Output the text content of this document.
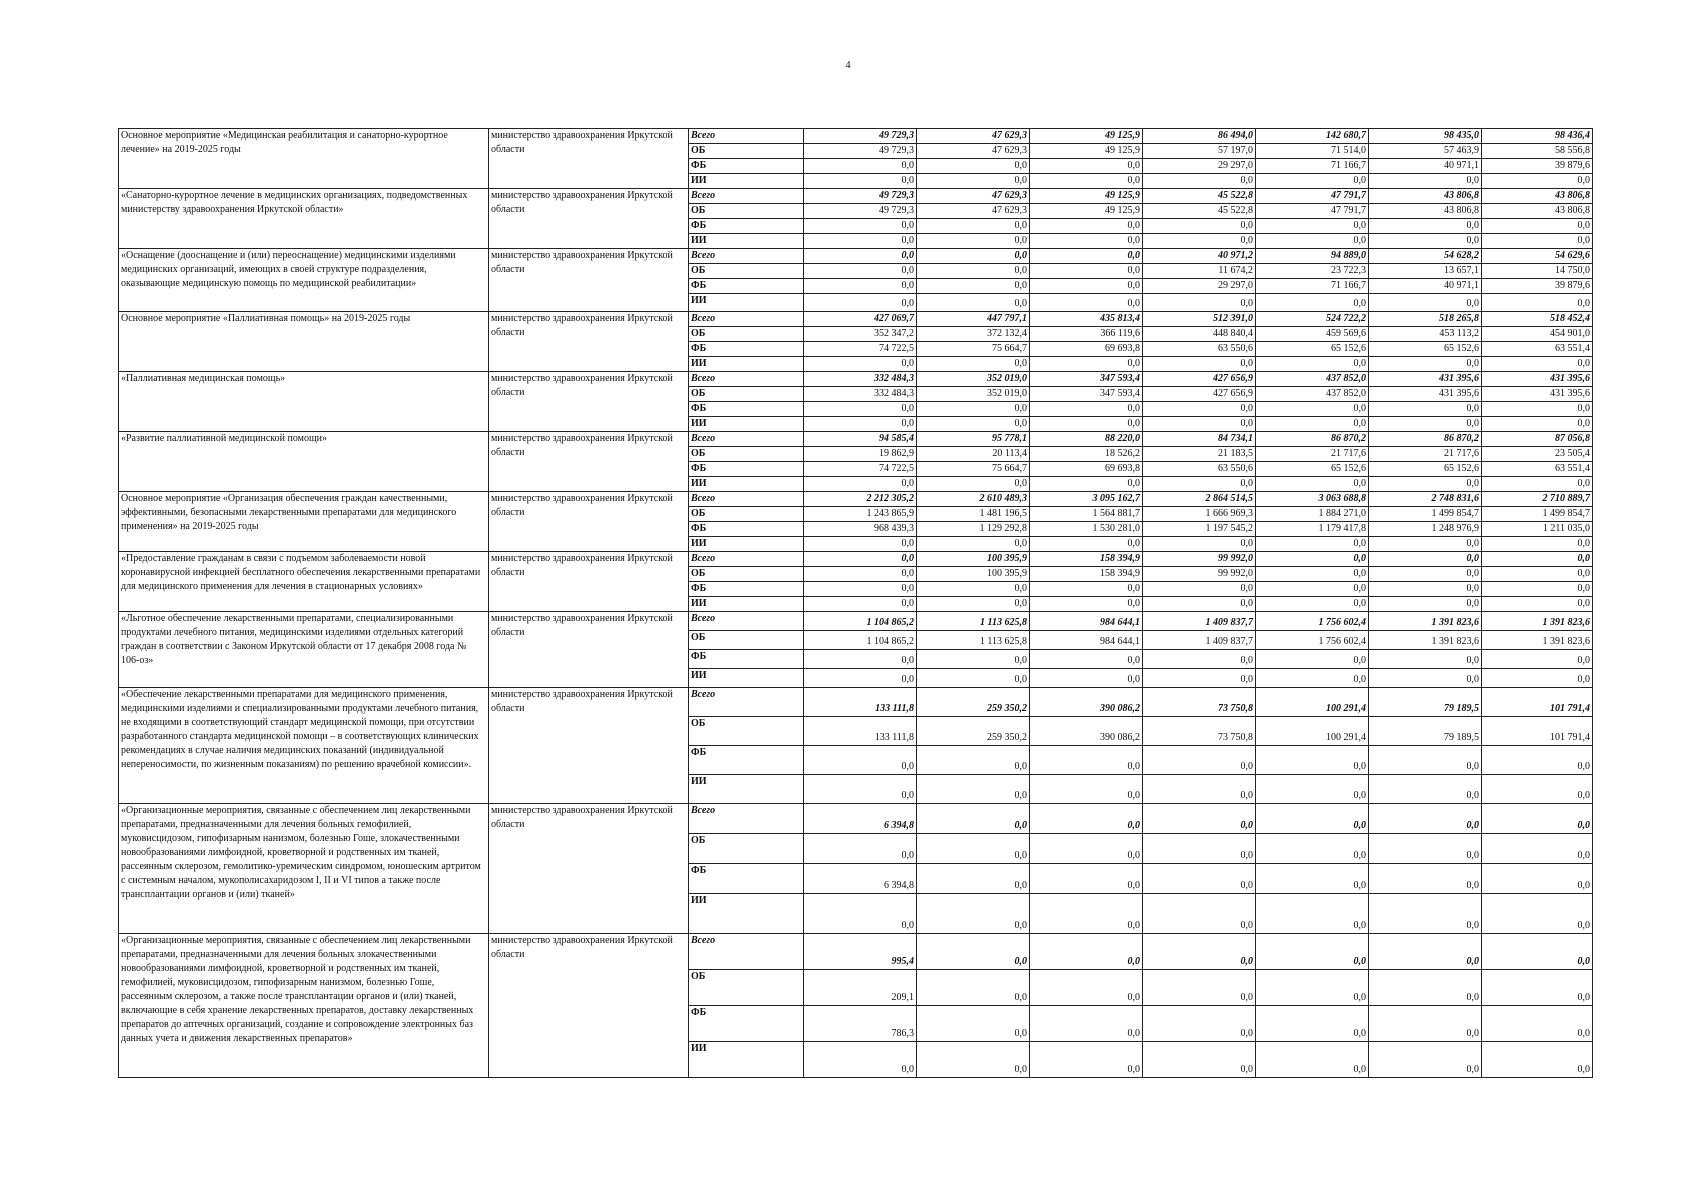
4
Основное мероприятие «Медицинская реабилитация и санаторно-курортное лечение» на 2019-2025 годы	министерство здравоохранения Иркутской области	Всего	49 729,3	47 629,3	49 125,9	86 494,0	142 680,7	98 435,0	98 436,4
		ОБ	49 729,3	47 629,3	49 125,9	57 197,0	71 514,0	57 463,9	58 556,8
		ФБ	0,0	0,0	0,0	29 297,0	71 166,7	40 971,1	39 879,6
		ИИ	0,0	0,0	0,0	0,0	0,0	0,0	0,0
«Санаторно-курортное лечение в медицинских организациях, подведомственных министерству здравоохранения Иркутской области»	министерство здравоохранения Иркутской области	Всего	49 729,3	47 629,3	49 125,9	45 522,8	47 791,7	43 806,8	43 806,8
		ОБ	49 729,3	47 629,3	49 125,9	45 522,8	47 791,7	43 806,8	43 806,8
		ФБ	0,0	0,0	0,0	0,0	0,0	0,0	0,0
		ИИ	0,0	0,0	0,0	0,0	0,0	0,0	0,0
«Оснащение (дооснащение и (или) переоснащение) медицинскими изделиями медицинских организаций, имеющих в своей структуре подразделения, оказывающие медицинскую помощь по медицинской реабилитации»	министерство здравоохранения Иркутской области	Всего	0,0	0,0	0,0	40 971,2	94 889,0	54 628,2	54 629,6
		ОБ	0,0	0,0	0,0	11 674,2	23 722,3	13 657,1	14 750,0
		ФБ	0,0	0,0	0,0	29 297,0	71 166,7	40 971,1	39 879,6
		ИИ	0,0	0,0	0,0	0,0	0,0	0,0	0,0
Основное мероприятие «Паллиативная помощь» на 2019-2025 годы	министерство здравоохранения Иркутской области	Всего	427 069,7	447 797,1	435 813,4	512 391,0	524 722,2	518 265,8	518 452,4
		ОБ	352 347,2	372 132,4	366 119,6	448 840,4	459 569,6	453 113,2	454 901,0
		ФБ	74 722,5	75 664,7	69 693,8	63 550,6	65 152,6	65 152,6	63 551,4
		ИИ	0,0	0,0	0,0	0,0	0,0	0,0	0,0
«Паллиативная медицинская помощь»	министерство здравоохранения Иркутской области	Всего	332 484,3	352 019,0	347 593,4	427 656,9	437 852,0	431 395,6	431 395,6
		ОБ	332 484,3	352 019,0	347 593,4	427 656,9	437 852,0	431 395,6	431 395,6
		ФБ	0,0	0,0	0,0	0,0	0,0	0,0	0,0
		ИИ	0,0	0,0	0,0	0,0	0,0	0,0	0,0
«Развитие паллиативной медицинской помощи»	министерство здравоохранения Иркутской области	Всего	94 585,4	95 778,1	88 220,0	84 734,1	86 870,2	86 870,2	87 056,8
		ОБ	19 862,9	20 113,4	18 526,2	21 183,5	21 717,6	21 717,6	23 505,4
		ФБ	74 722,5	75 664,7	69 693,8	63 550,6	65 152,6	65 152,6	63 551,4
		ИИ	0,0	0,0	0,0	0,0	0,0	0,0	0,0
Основное мероприятие «Организация обеспечения граждан качественными, эффективными, безопасными лекарственными препаратами для медицинского применения» на 2019-2025 годы	министерство здравоохранения Иркутской области	Всего	2 212 305,2	2 610 489,3	3 095 162,7	2 864 514,5	3 063 688,8	2 748 831,6	2 710 889,7
		ОБ	1 243 865,9	1 481 196,5	1 564 881,7	1 666 969,3	1 884 271,0	1 499 854,7	1 499 854,7
		ФБ	968 439,3	1 129 292,8	1 530 281,0	1 197 545,2	1 179 417,8	1 248 976,9	1 211 035,0
		ИИ	0,0	0,0	0,0	0,0	0,0	0,0	0,0
«Предоставление гражданам в связи с подъемом заболеваемости новой коронавирусной инфекцией бесплатного обеспечения лекарственными препаратами для медицинского применения для лечения в стационарных условиях»	министерство здравоохранения Иркутской области	Всего	0,0	100 395,9	158 394,9	99 992,0	0,0	0,0	0,0
		ОБ	0,0	100 395,9	158 394,9	99 992,0	0,0	0,0	0,0
		ФБ	0,0	0,0	0,0	0,0	0,0	0,0	0,0
		ИИ	0,0	0,0	0,0	0,0	0,0	0,0	0,0
«Льготное обеспечение лекарственными препаратами, специализированными продуктами лечебного питания, медицинскими изделиями отдельных категорий граждан в соответствии с Законом Иркутской области от 17 декабря 2008 года № 106-оз»	министерство здравоохранения Иркутской области	Всего	1 104 865,2	1 113 625,8	984 644,1	1 409 837,7	1 756 602,4	1 391 823,6	1 391 823,6
		ОБ	1 104 865,2	1 113 625,8	984 644,1	1 409 837,7	1 756 602,4	1 391 823,6	1 391 823,6
		ФБ	0,0	0,0	0,0	0,0	0,0	0,0	0,0
		ИИ	0,0	0,0	0,0	0,0	0,0	0,0	0,0
«Обеспечение лекарственными препаратами для медицинского применения, медицинскими изделиями и специализированными продуктами лечебного питания, не входящими в соответствующий стандарт медицинской помощи, при отсутствии разработанного стандарта медицинской помощи – в соответствующих клинических рекомендациях в случае наличия медицинских показаний (индивидуальной непереносимости, по жизненным показаниям) по решению врачебной комиссии».	министерство здравоохранения Иркутской области	Всего	133 111,8	259 350,2	390 086,2	73 750,8	100 291,4	79 189,5	101 791,4
		ОБ	133 111,8	259 350,2	390 086,2	73 750,8	100 291,4	79 189,5	101 791,4
		ФБ	0,0	0,0	0,0	0,0	0,0	0,0	0,0
		ИИ	0,0	0,0	0,0	0,0	0,0	0,0	0,0
«Организационные мероприятия, связанные с обеспечением лиц лекарственными препаратами, предназначенными для лечения больных гемофилией, муковисцидозом, гипофизарным нанизмом, болезнью Гоше, злокачественными новообразованиями лимфоидной, кроветворной и родственных им тканей, рассеянным склерозом, гемолитико-уремическим синдромом, юношеским артритом с системным началом, мукополисахаридозом I, II и VI типов а также после трансплантации органов и (или) тканей»	министерство здравоохранения Иркутской области	Всего	6 394,8	0,0	0,0	0,0	0,0	0,0	0,0
		ОБ	0,0	0,0	0,0	0,0	0,0	0,0	0,0
		ФБ	6 394,8	0,0	0,0	0,0	0,0	0,0	0,0
		ИИ	0,0	0,0	0,0	0,0	0,0	0,0	0,0
«Организационные мероприятия, связанные с обеспечением лиц лекарственными препаратами, предназначенными для лечения больных злокачественными новообразованиями лимфоидной, кроветворной и родственных им тканей, гемофилией, муковисцидозом, гипофизарным нанизмом, болезнью Гоше, рассеянным склерозом, а также после трансплантации органов и (или) тканей, включающие в себя хранение лекарственных препаратов, доставку лекарственных препаратов до аптечных организаций, создание и сопровождение электронных баз данных учета и движения лекарственных препаратов»	министерство здравоохранения Иркутской области	Всего	995,4	0,0	0,0	0,0	0,0	0,0	0,0
		ОБ	209,1	0,0	0,0	0,0	0,0	0,0	0,0
		ФБ	786,3	0,0	0,0	0,0	0,0	0,0	0,0
		ИИ	0,0	0,0	0,0	0,0	0,0	0,0	0,0
